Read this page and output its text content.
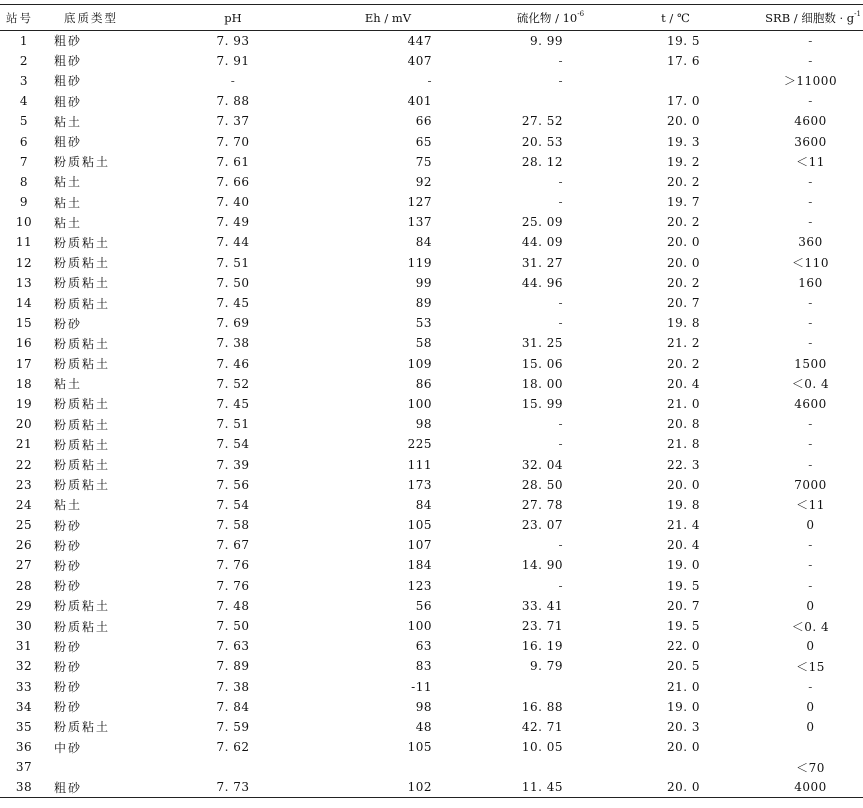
站号	底质类型	pH	Eh / mV	硫化物 / $10^{-6}$	t / ℃	SRB / 细胞数 · $g^{-1}$
1	粗砂	7. 93	447	9. 99	19. 5	-
2	粗砂	7. 91	407	-	17. 6	-
3	粗砂	-	-	-		＞11000
4	粗砂	7. 88	401		17. 0	-
5	粘土	7. 37	66	27. 52	20. 0	4600
6	粗砂	7. 70	65	20. 53	19. 3	3600
7	粉质粘土	7. 61	75	28. 12	19. 2	＜11
8	粘土	7. 66	92	-	20. 2	-
9	粘土	7. 40	127	-	19. 7	-
10	粘土	7. 49	137	25. 09	20. 2	-
11	粉质粘土	7. 44	84	44. 09	20. 0	360
12	粉质粘土	7. 51	119	31. 27	20. 0	＜110
13	粉质粘土	7. 50	99	44. 96	20. 2	160
14	粉质粘土	7. 45	89	-	20. 7	-
15	粉砂	7. 69	53	-	19. 8	-
16	粉质粘土	7. 38	58	31. 25	21. 2	-
17	粉质粘土	7. 46	109	15. 06	20. 2	1500
18	粘土	7. 52	86	18. 00	20. 4	＜0. 4
19	粉质粘土	7. 45	100	15. 99	21. 0	4600
20	粉质粘土	7. 51	98	-	20. 8	-
21	粉质粘土	7. 54	225	-	21. 8	-
22	粉质粘土	7. 39	111	32. 04	22. 3	-
23	粉质粘土	7. 56	173	28. 50	20. 0	7000
24	粘土	7. 54	84	27. 78	19. 8	＜11
25	粉砂	7. 58	105	23. 07	21. 4	0
26	粉砂	7. 67	107	-	20. 4	-
27	粉砂	7. 76	184	14. 90	19. 0	-
28	粉砂	7. 76	123	-	19. 5	-
29	粉质粘土	7. 48	56	33. 41	20. 7	0
30	粉质粘土	7. 50	100	23. 71	19. 5	＜0. 4
31	粉砂	7. 63	63	16. 19	22. 0	0
32	粉砂	7. 89	83	9. 79	20. 5	＜15
33	粉砂	7. 38	-11		21. 0	-
34	粉砂	7. 84	98	16. 88	19. 0	0
35	粉质粘土	7. 59	48	42. 71	20. 3	0
36	中砂	7. 62	105	10. 05	20. 0	
37						＜70
38	粗砂	7. 73	102	11. 45	20. 0	4000
